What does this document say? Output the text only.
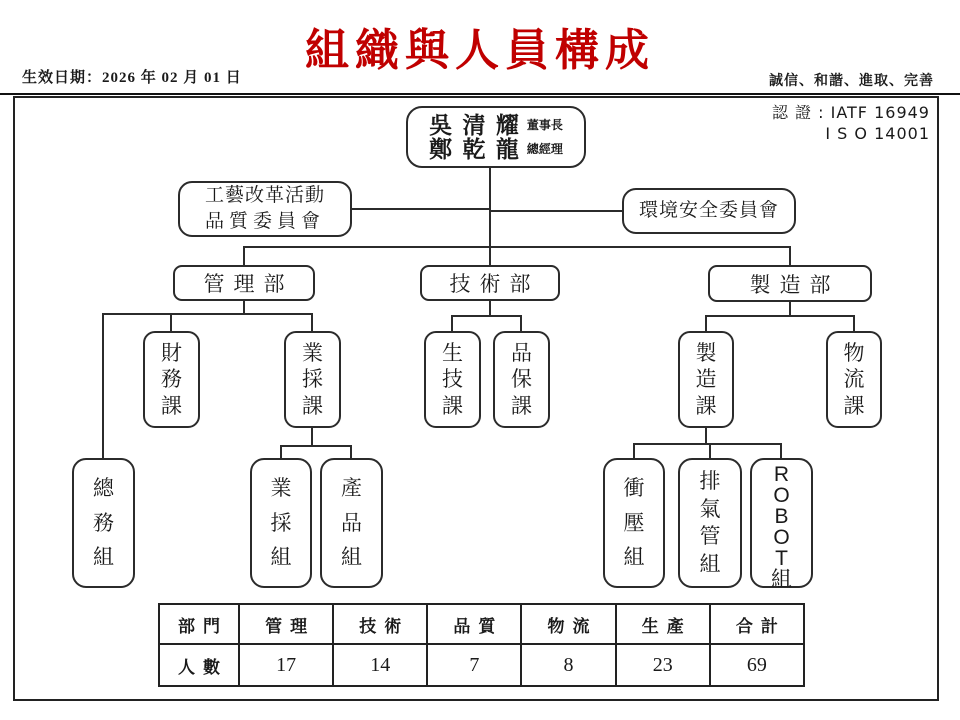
組織與人員構成
生效日期：2026 年 02 月 01 日	誠信、和諧、進取、完善
認 證 : IATF 16949
I S O 14001
吳 清 耀 董事長
鄭 乾 龍 總經理
工藝改革活動
品質委員會
環境安全委員會
管理部	技術部	製造部
財
務
課
業
採
課
生
技
課
品
保
課
製
造
課
物
流
課
總
務
組
業
採
組
產
品
組
衝
壓
組
排
氣
管
組
R
O
B
O
T
組
部門	管理	技術	品質	物流	生產	合計
人數	17	14	7	8	23	69
